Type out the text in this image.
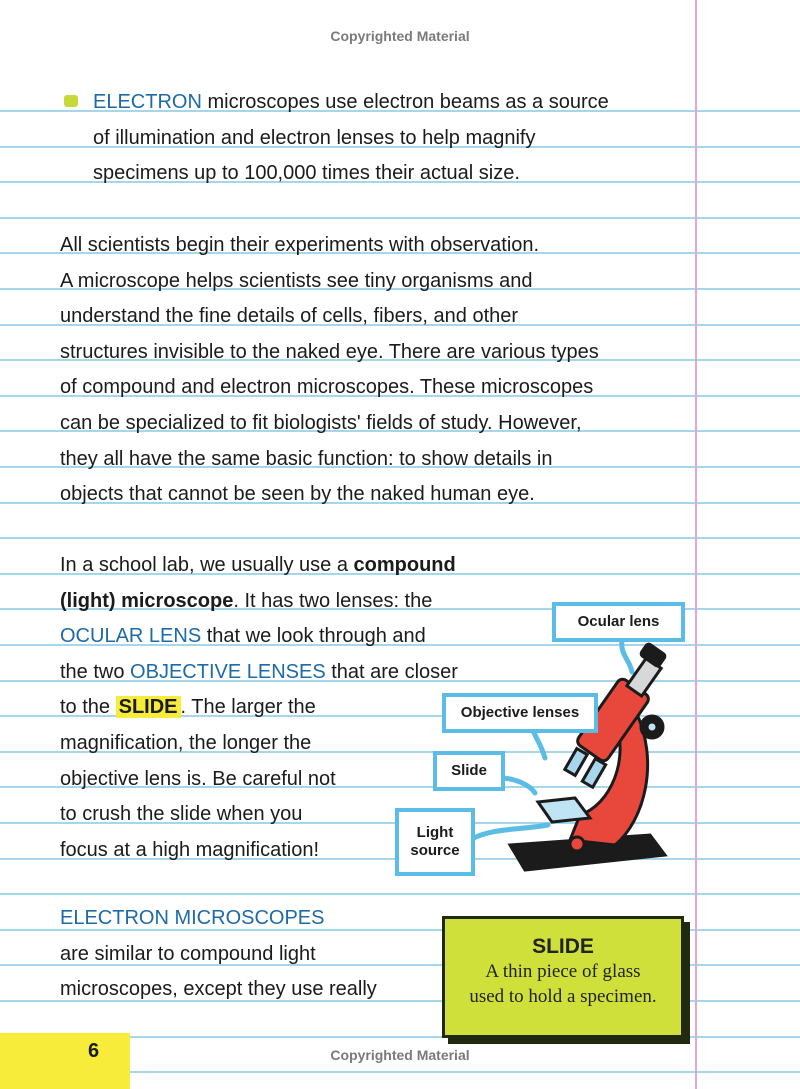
Copyrighted Material
ELECTRON microscopes use electron beams as a source
of illumination and electron lenses to help magnify
specimens up to 100,000 times their actual size.
All scientists begin their experiments with observation.
A microscope helps scientists see tiny organisms and
understand the fine details of cells, fibers, and other
structures invisible to the naked eye. There are various types
of compound and electron microscopes. These microscopes
can be specialized to fit biologists' fields of study. However,
they all have the same basic function: to show details in
objects that cannot be seen by the naked human eye.
In a school lab, we usually use a compound
(light) microscope. It has two lenses: the
OCULAR LENS that we look through and
the two OBJECTIVE LENSES that are closer
to the SLIDE . The larger the
magnification, the longer the
objective lens is. Be careful not
to crush the slide when you
focus at a high magnification!
Ocular lens
Objective lenses
Slide
Light
source
ELECTRON MICROSCOPES
are similar to compound light
microscopes, except they use really
SLIDE
A thin piece of glass
used to hold a specimen.
6	Copyrighted Material
